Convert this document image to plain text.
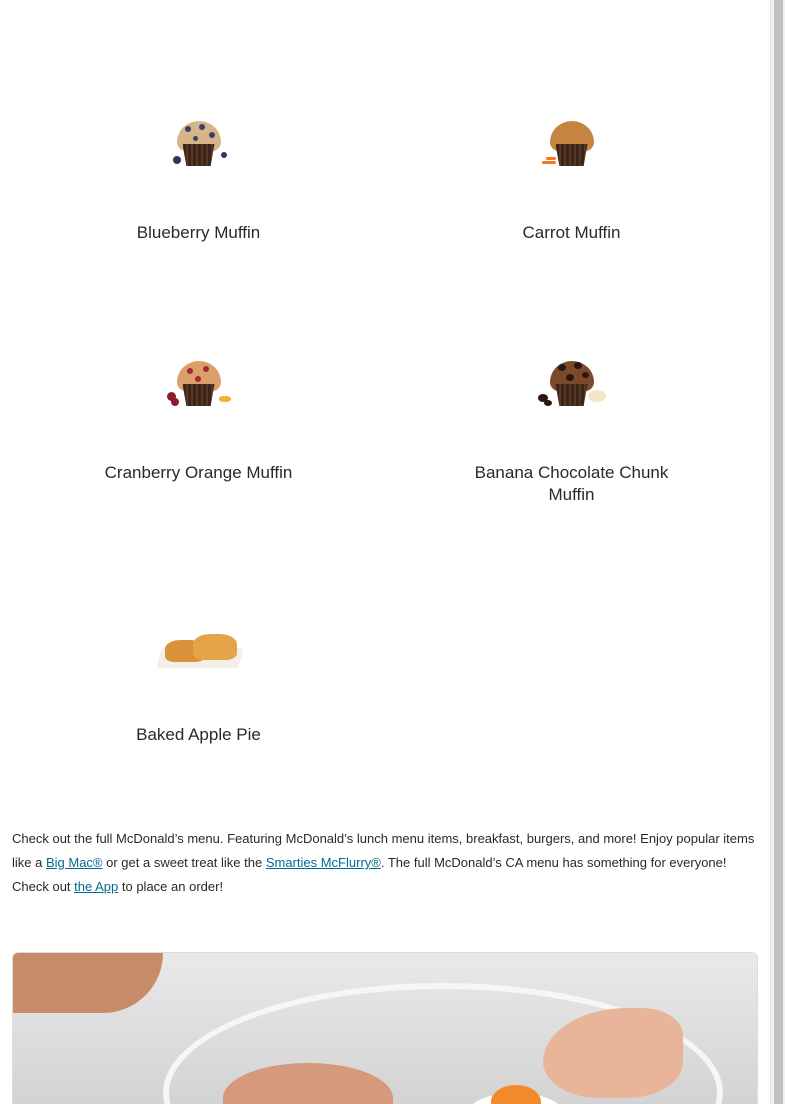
Blueberry Muffin	Carrot Muffin
Cranberry Orange Muffin	Banana Chocolate Chunk Muffin
Baked Apple Pie

Check out the full McDonald’s menu. Featuring McDonald’s lunch menu items, breakfast, burgers, and more! Enjoy popular items like a Big Mac® or get a sweet treat like the Smarties McFlurry®. The full McDonald’s CA menu has something for everyone! Check out the App to place an order!
